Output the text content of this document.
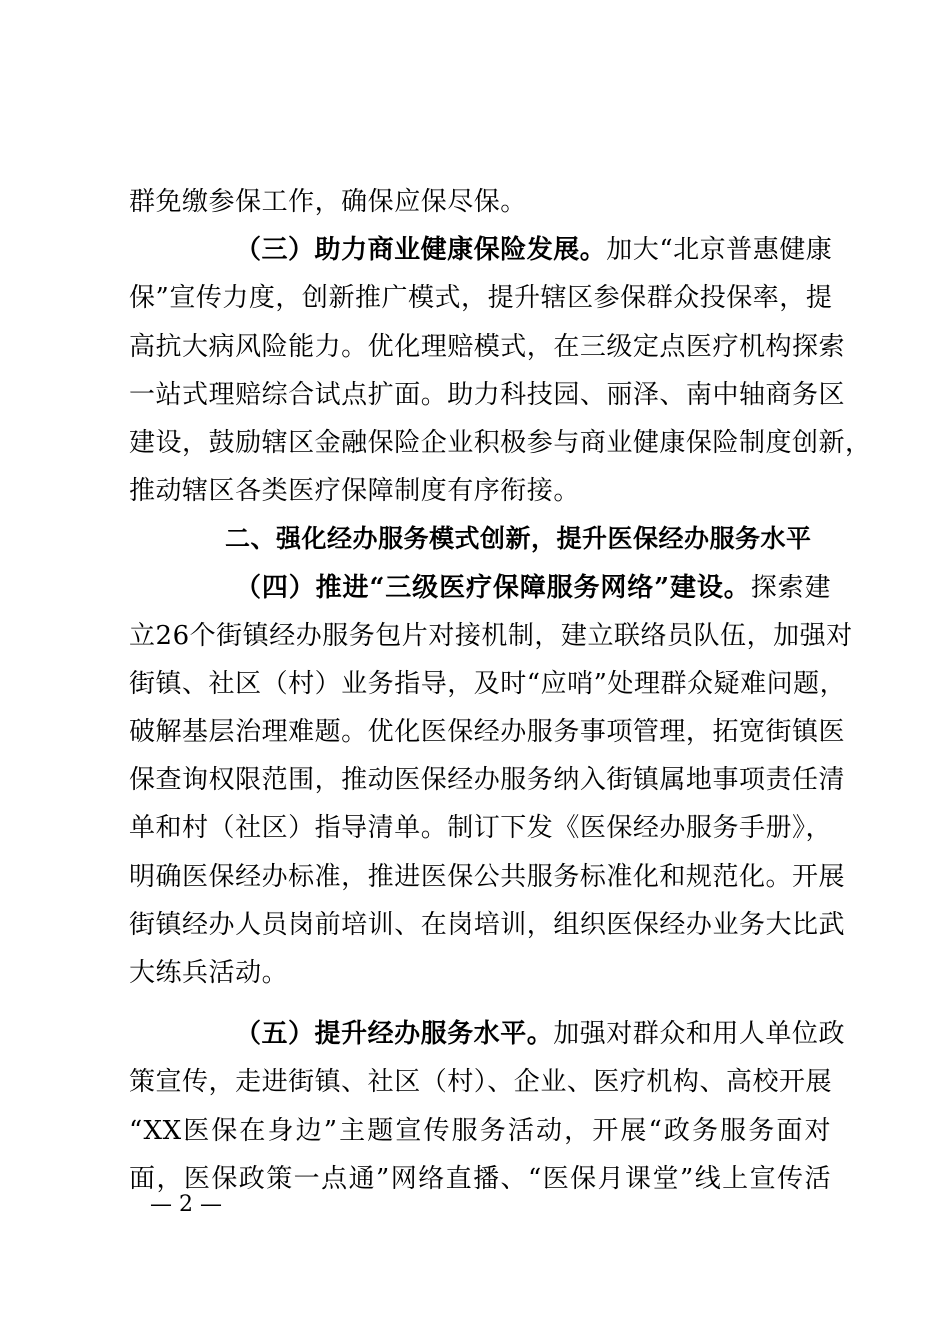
群免缴参保工作，确保应保尽保。
（三）助力商业健康保险发展。加大“北京普惠健康
保”宣传力度，创新推广模式，提升辖区参保群众投保率，提
高抗大病风险能力。优化理赔模式，在三级定点医疗机构探索
一站式理赔综合试点扩面。助力科技园、丽泽、南中轴商务区
建设，鼓励辖区金融保险企业积极参与商业健康保险制度创新，
推动辖区各类医疗保障制度有序衔接。
二、强化经办服务模式创新，提升医保经办服务水平
（四）推进“三级医疗保障服务网络”建设。探索建
立26个街镇经办服务包片对接机制，建立联络员队伍，加强对
街镇、社区（村）业务指导，及时“应哨”处理群众疑难问题，
破解基层治理难题。优化医保经办服务事项管理，拓宽街镇医
保查询权限范围，推动医保经办服务纳入街镇属地事项责任清
单和村（社区）指导清单。制订下发《医保经办服务手册》，
明确医保经办标准，推进医保公共服务标准化和规范化。开展
街镇经办人员岗前培训、在岗培训，组织医保经办业务大比武
大练兵活动。
（五）提升经办服务水平。加强对群众和用人单位政
策宣传，走进街镇、社区（村）、企业、医疗机构、高校开展
“XX医保在身边”主题宣传服务活动，开展“政务服务面对
面，医保政策一点通”网络直播、“医保月课堂”线上宣传活
— 2 —
